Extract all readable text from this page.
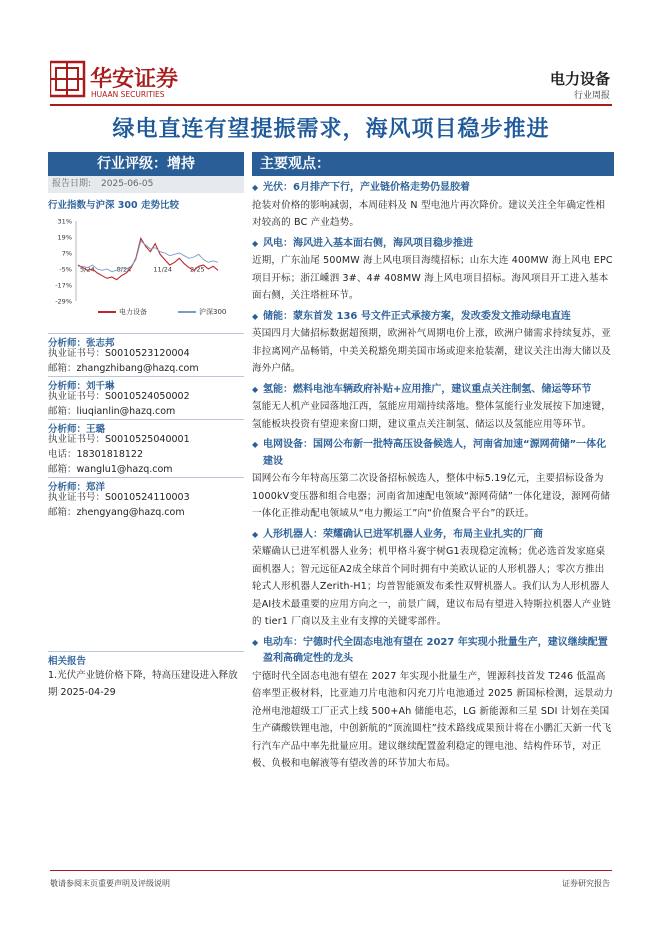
华安证券
HUAAN SECURITIES
电力设备
行业周报
绿电直连有望提振需求，海风项目稳步推进
行业评级：增持
报告日期: 2025-06-05
行业指数与沪深 300 走势比较
31%
19%
7%
-5%
-17%
-29%
5/24	8/24	11/24	2/25
电力设备	沪深300
分析师：张志邦
执业证书号：S0010523120004
邮箱：zhangzhibang@hazq.com
分析师：刘千琳
执业证书号：S0010524050002
邮箱：liuqianlin@hazq.com
分析师：王璐
执业证书号：S0010525040001
电话：18301818122
邮箱：wanglu1@hazq.com
分析师：郑洋
执业证书号：S0010524110003
邮箱：zhengyang@hazq.com
相关报告
1.光伏产业链价格下降，特高压建设进入释放期 2025-04-29
主要观点：
◆ 光伏：6月排产下行，产业链价格走势仍显胶着
抢装对价格的影响减弱，本周硅料及 N 型电池片再次降价。建议关注全年确定性相对较高的 BC 产业趋势。
◆ 风电：海风进入基本面右侧，海风项目稳步推进
近期，广东汕尾 500MW 海上风电项目海缆招标；山东大连 400MW 海上风电 EPC 项目开标；浙江嵊泗 3#、4# 408MW 海上风电项目招标。海风项目开工进入基本面右侧，关注塔桩环节。
◆ 储能：蒙东首发 136 号文件正式承接方案，发改委发文推动绿电直连
英国四月大储招标数据超预期，欧洲补气周期电价上涨，欧洲户储需求持续复苏，亚非拉离网产品畅销，中美关税豁免期美国市场或迎来抢装潮，建议关注出海大储以及海外户储。
◆ 氢能：燃料电池车辆政府补贴+应用推广，建议重点关注制氢、储运等环节
氢能无人机产业园落地江西，氢能应用端持续落地。整体氢能行业发展按下加速键，氢能板块投资有望迎来窗口期，建议重点关注制氢、储运以及氢能应用等环节。
◆ 电网设备：国网公布新一批特高压设备候选人，河南省加速“源网荷储”一体化建设
国网公布今年特高压第二次设备招标候选人，整体中标5.19亿元，主要招标设备为1000kV变压器和组合电器；河南省加速配电领域“源网荷储”一体化建设，源网荷储一体化正推动配电领域从“电力搬运工”向“价值聚合平台”的跃迁。
◆ 人形机器人：荣耀确认已进军机器人业务，布局主业扎实的厂商
荣耀确认已进军机器人业务；机甲格斗赛宇树G1表现稳定流畅；优必选首发家庭桌面机器人；智元远征A2成全球首个同时拥有中美欧认证的人形机器人；零次方推出轮式人形机器人Zerith-H1；均普智能颁发布柔性双臂机器人。我们认为人形机器人是AI技术最重要的应用方向之一，前景广阔，建议布局有望进入特斯拉机器人产业链的 tier1 厂商以及主业有支撑的关键零部件。
◆ 电动车：宁德时代全固态电池有望在 2027 年实现小批量生产，建议继续配置盈利高确定性的龙头
宁德时代全固态电池有望在 2027 年实现小批量生产，锂源科技首发 T246 低温高倍率型正极材料，比亚迪刀片电池和闪充刀片电池通过 2025 新国标检测，远景动力沧州电池超级工厂正式上线 500+Ah 储能电芯，LG 新能源和三星 SDI 计划在美国生产磷酸铁锂电池，中创新航的“顶流圆柱”技术路线成果预计将在小鹏汇天新一代飞行汽车产品中率先批量应用。建议继续配置盈利稳定的锂电池、结构件环节，对正极、负极和电解液等有望改善的环节加大布局。
敬请参阅末页重要声明及评级说明	证券研究报告
